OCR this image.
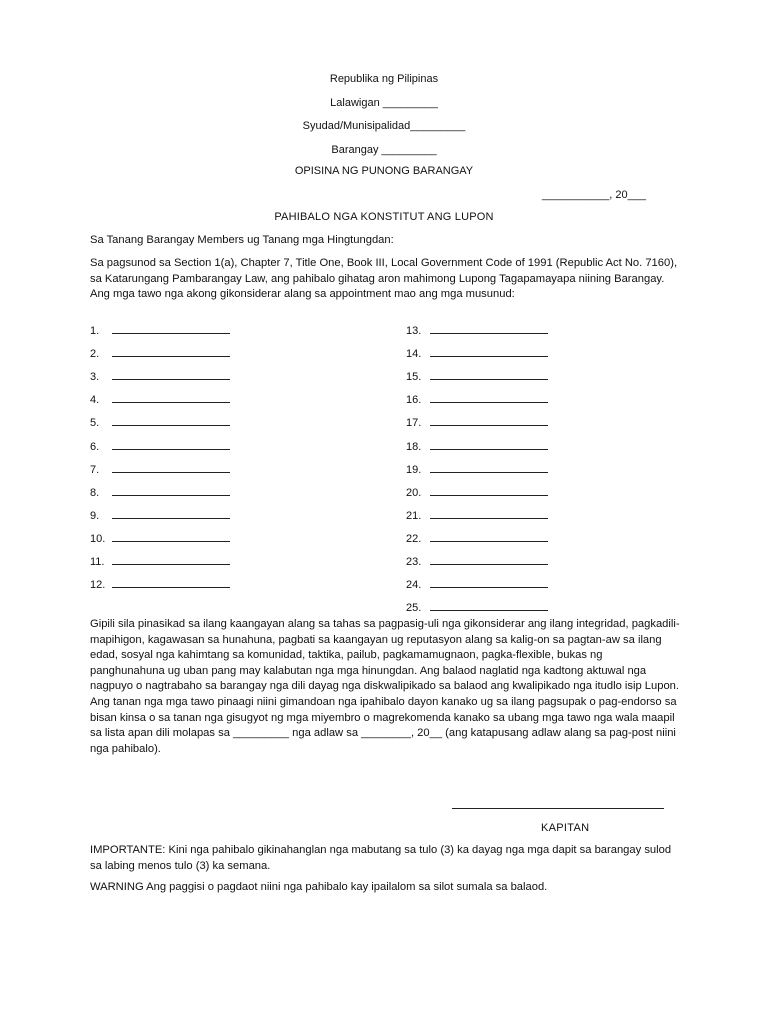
Republika ng Pilipinas
Lalawigan _________
Syudad/Munisipalidad_________
Barangay _________
OPISINA NG PUNONG BARANGAY
___________, 20___
PAHIBALO NGA KONSTITUT ANG LUPON
Sa Tanang Barangay Members ug Tanang mga Hingtungdan:

Sa pagsunod sa Section 1(a), Chapter 7, Title One, Book III, Local Government Code of 1991 (Republic Act No. 7160), sa Katarungang Pambarangay Law, ang pahibalo gihatag aron mahimong Lupong Tagapamayapa niining Barangay. Ang mga tawo nga akong gikonsiderar alang sa appointment mao ang mga musunud:

1.
2.
3.
4.
5.
6.
7.
8.
9.
10.
11.
12.
13.
14.
15.
16.
17.
18.
19.
20.
21.
22.
23.
24.
25.

Gipili sila pinasikad sa ilang kaangayan alang sa tahas sa pagpasig-uli nga gikonsiderar ang ilang integridad, pagkadili-mapihigon, kagawasan sa hunahuna, pagbati sa kaangayan ug reputasyon alang sa kalig-on sa pagtan-aw sa ilang edad, sosyal nga kahimtang sa komunidad, taktika, pailub, pagkamamugnaon, pagka-flexible, bukas ng panghunahuna ug uban pang may kalabutan nga mga hinungdan. Ang balaod naglatid nga kadtong aktuwal nga nagpuyo o nagtrabaho sa barangay nga dili dayag nga diskwalipikado sa balaod ang kwalipikado nga itudlo isip Lupon. Ang tanan nga mga tawo pinaagi niini gimandoan nga ipahibalo dayon kanako ug sa ilang pagsupak o pag-endorso sa bisan kinsa o sa tanan nga gisugyot ng mga miyembro o magrekomenda kanako sa ubang mga tawo nga wala maapil sa lista apan dili molapas sa _________ nga adlaw sa ________, 20__ (ang katapusang adlaw alang sa pag-post niini nga pahibalo).

KAPITAN

IMPORTANTE: Kini nga pahibalo gikinahanglan nga mabutang sa tulo (3) ka dayag nga mga dapit sa barangay sulod sa labing menos tulo (3) ka semana.

WARNING Ang paggisi o pagdaot niini nga pahibalo kay ipailalom sa silot sumala sa balaod.
